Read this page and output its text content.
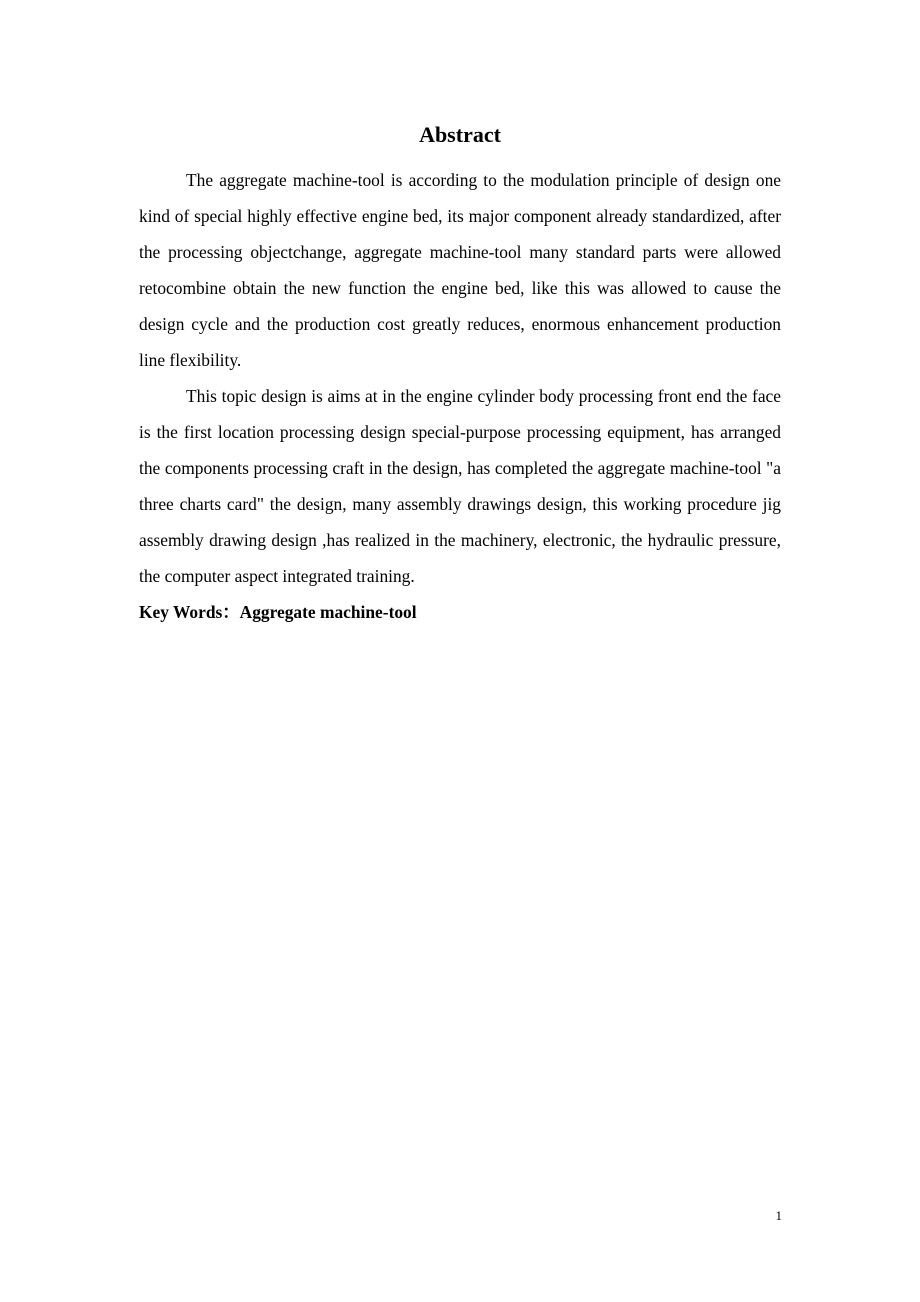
Abstract

The aggregate machine-tool is according to the modulation principle of design one kind of special highly effective engine bed, its major component already standardized, after the processing objectchange, aggregate machine-tool many standard parts were allowed retocombine obtain the new function the engine bed, like this was allowed to cause the design cycle and the production cost greatly reduces, enormous enhancement production line flexibility.

This topic design is aims at in the engine cylinder body processing front end the face is the first location processing design special-purpose processing equipment, has arranged the components processing craft in the design, has completed the aggregate machine-tool "a three charts card" the design, many assembly drawings design, this working procedure jig assembly drawing design ,has realized in the machinery, electronic, the hydraulic pressure, the computer aspect integrated training.

Key Words：Aggregate machine-tool

1
